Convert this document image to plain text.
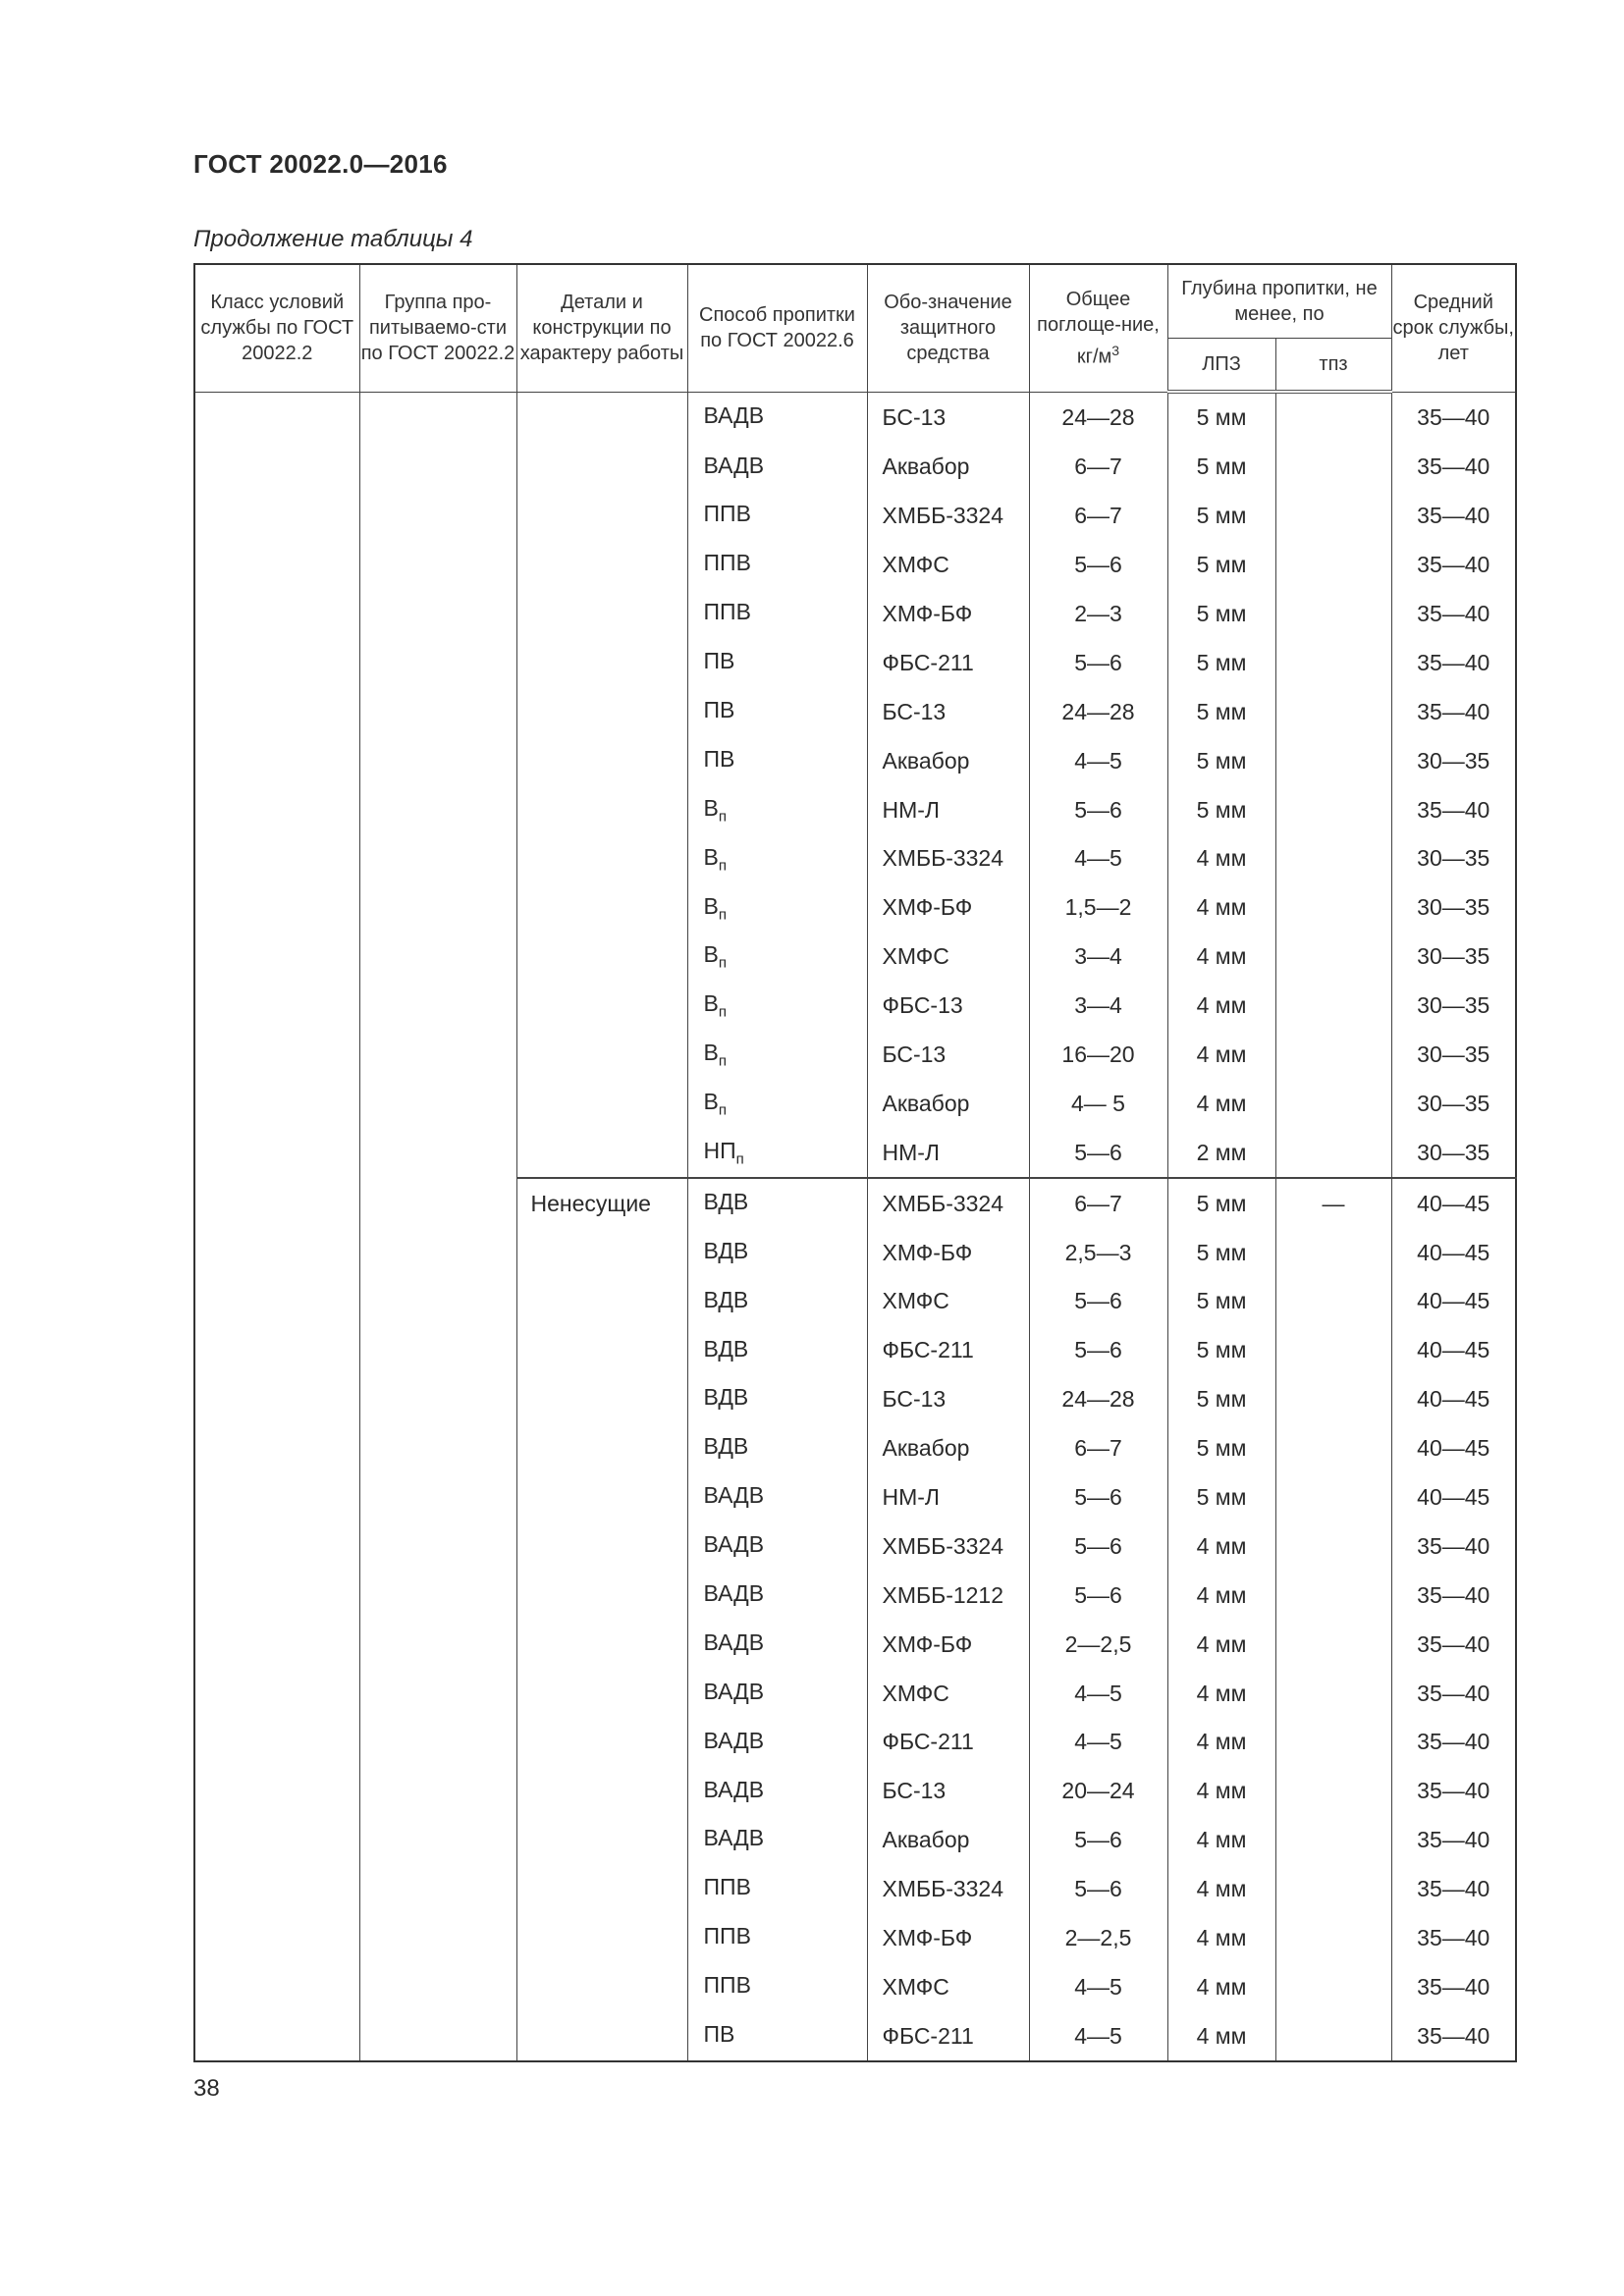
ГОСТ 20022.0—2016
Продолжение таблицы 4
Класс условий службы по ГОСТ 20022.2	Группа про-питываемо-сти по ГОСТ 20022.2	Детали и конструкции по характеру работы	Способ пропитки по ГОСТ 20022.6	Обо-значение защитного средства	Общее поглоще-ние, $кг/м^3$	Глубина пропитки, не менее, по		Средний срок службы, лет
						ЛПЗ	тпз	
			ВАДВ	БС-13	24—28	5 мм		35—40
			ВАДВ	Аквабор	6—7	5 мм		35—40
			ППВ	ХМББ-3324	6—7	5 мм		35—40
			ППВ	ХМФС	5—6	5 мм		35—40
			ППВ	ХМФ-БФ	2—3	5 мм		35—40
			ПВ	ФБС-211	5—6	5 мм		35—40
			ПВ	БС-13	24—28	5 мм		35—40
			ПВ	Аквабор	4—5	5 мм		30—35
			$В_п$	НМ-Л	5—6	5 мм		35—40
			$В_п$	ХМББ-3324	4—5	4 мм		30—35
			$В_п$	ХМФ-БФ	1,5—2	4 мм		30—35
			$В_п$	ХМФС	3—4	4 мм		30—35
			$В_п$	ФБС-13	3—4	4 мм		30—35
			$В_п$	БС-13	16—20	4 мм		30—35
			$В_п$	Аквабор	4— 5	4 мм		30—35
			$НП_п$	НМ-Л	5—6	2 мм		30—35
		Ненесущие	ВДВ	ХМББ-3324	6—7	5 мм	—	40—45
			ВДВ	ХМФ-БФ	2,5—3	5 мм		40—45
			ВДВ	ХМФС	5—6	5 мм		40—45
			ВДВ	ФБС-211	5—6	5 мм		40—45
			ВДВ	БС-13	24—28	5 мм		40—45
			ВДВ	Аквабор	6—7	5 мм		40—45
			ВАДВ	НМ-Л	5—6	5 мм		40—45
			ВАДВ	ХМББ-3324	5—6	4 мм		35—40
			ВАДВ	ХМББ-1212	5—6	4 мм		35—40
			ВАДВ	ХМФ-БФ	2—2,5	4 мм		35—40
			ВАДВ	ХМФС	4—5	4 мм		35—40
			ВАДВ	ФБС-211	4—5	4 мм		35—40
			ВАДВ	БС-13	20—24	4 мм		35—40
			ВАДВ	Аквабор	5—6	4 мм		35—40
			ППВ	ХМББ-3324	5—6	4 мм		35—40
			ППВ	ХМФ-БФ	2—2,5	4 мм		35—40
			ППВ	ХМФС	4—5	4 мм		35—40
			ПВ	ФБС-211	4—5	4 мм		35—40
38
